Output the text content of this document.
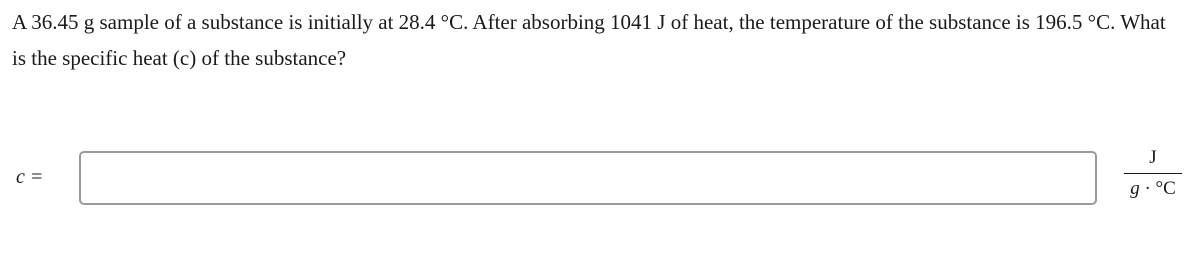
A 36.45 g sample of a substance is initially at 28.4 °C. After absorbing 1041 J of heat, the temperature of the substance is 196.5 °C. What is the specific heat (c) of the substance?
c =
J
g · °C
